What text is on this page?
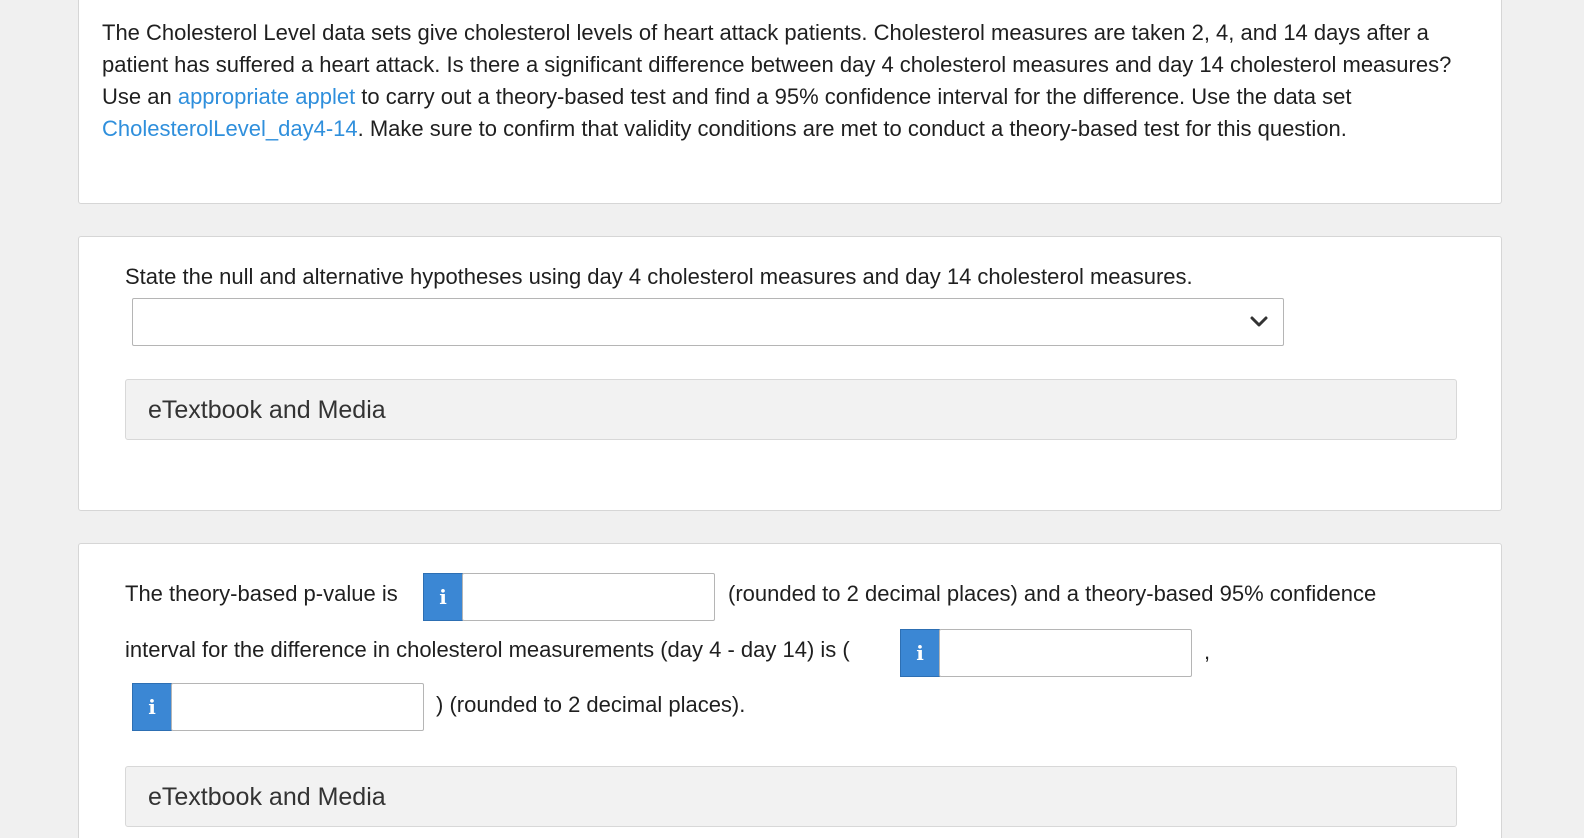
The Cholesterol Level data sets give cholesterol levels of heart attack patients. Cholesterol measures are taken 2, 4, and 14 days after a patient has suffered a heart attack. Is there a significant difference between day 4 cholesterol measures and day 14 cholesterol measures? Use an appropriate applet to carry out a theory-based test and find a 95% confidence interval for the difference. Use the data set CholesterolLevel_day4-14. Make sure to confirm that validity conditions are met to conduct a theory-based test for this question.

State the null and alternative hypotheses using day 4 cholesterol measures and day 14 cholesterol measures.
eTextbook and Media
The theory-based p-value is	i	(rounded to 2 decimal places) and a theory-based 95% confidence
interval for the difference in cholesterol measurements (day 4 - day 14) is (	i	,
i	) (rounded to 2 decimal places).
eTextbook and Media
